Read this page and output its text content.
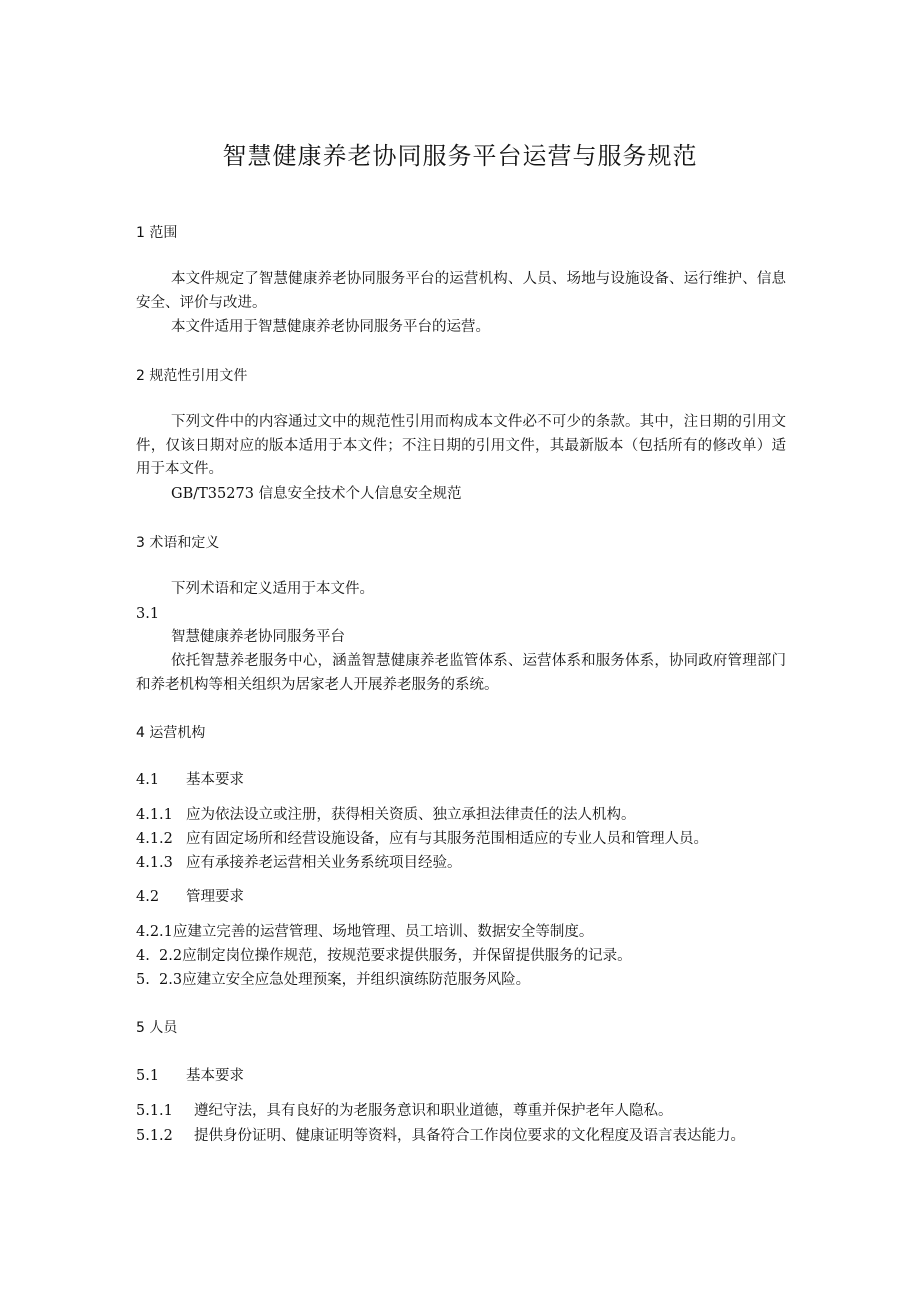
智慧健康养老协同服务平台运营与服务规范
1 范围
本文件规定了智慧健康养老协同服务平台的运营机构、人员、场地与设施设备、运行维护、信息安全、评价与改进。
本文件适用于智慧健康养老协同服务平台的运营。
2 规范性引用文件
下列文件中的内容通过文中的规范性引用而构成本文件必不可少的条款。其中，注日期的引用文件，仅该日期对应的版本适用于本文件；不注日期的引用文件，其最新版本（包括所有的修改单）适用于本文件。
GB/T35273 信息安全技术个人信息安全规范
3 术语和定义
下列术语和定义适用于本文件。
3.1
智慧健康养老协同服务平台
依托智慧养老服务中心，涵盖智慧健康养老监管体系、运营体系和服务体系，协同政府管理部门和养老机构等相关组织为居家老人开展养老服务的系统。
4 运营机构
4.1 基本要求
4.1.1 应为依法设立或注册，获得相关资质、独立承担法律责任的法人机构。
4.1.2 应有固定场所和经营设施设备，应有与其服务范围相适应的专业人员和管理人员。
4.1.3 应有承接养老运营相关业务系统项目经验。
4.2 管理要求
4.2.1应建立完善的运营管理、场地管理、员工培训、数据安全等制度。
4.  2.2应制定岗位操作规范，按规范要求提供服务，并保留提供服务的记录。
5.  2.3应建立安全应急处理预案，并组织演练防范服务风险。
5 人员
5.1 基本要求
5.1.1 遵纪守法，具有良好的为老服务意识和职业道德，尊重并保护老年人隐私。
5.1.2 提供身份证明、健康证明等资料，具备符合工作岗位要求的文化程度及语言表达能力。
